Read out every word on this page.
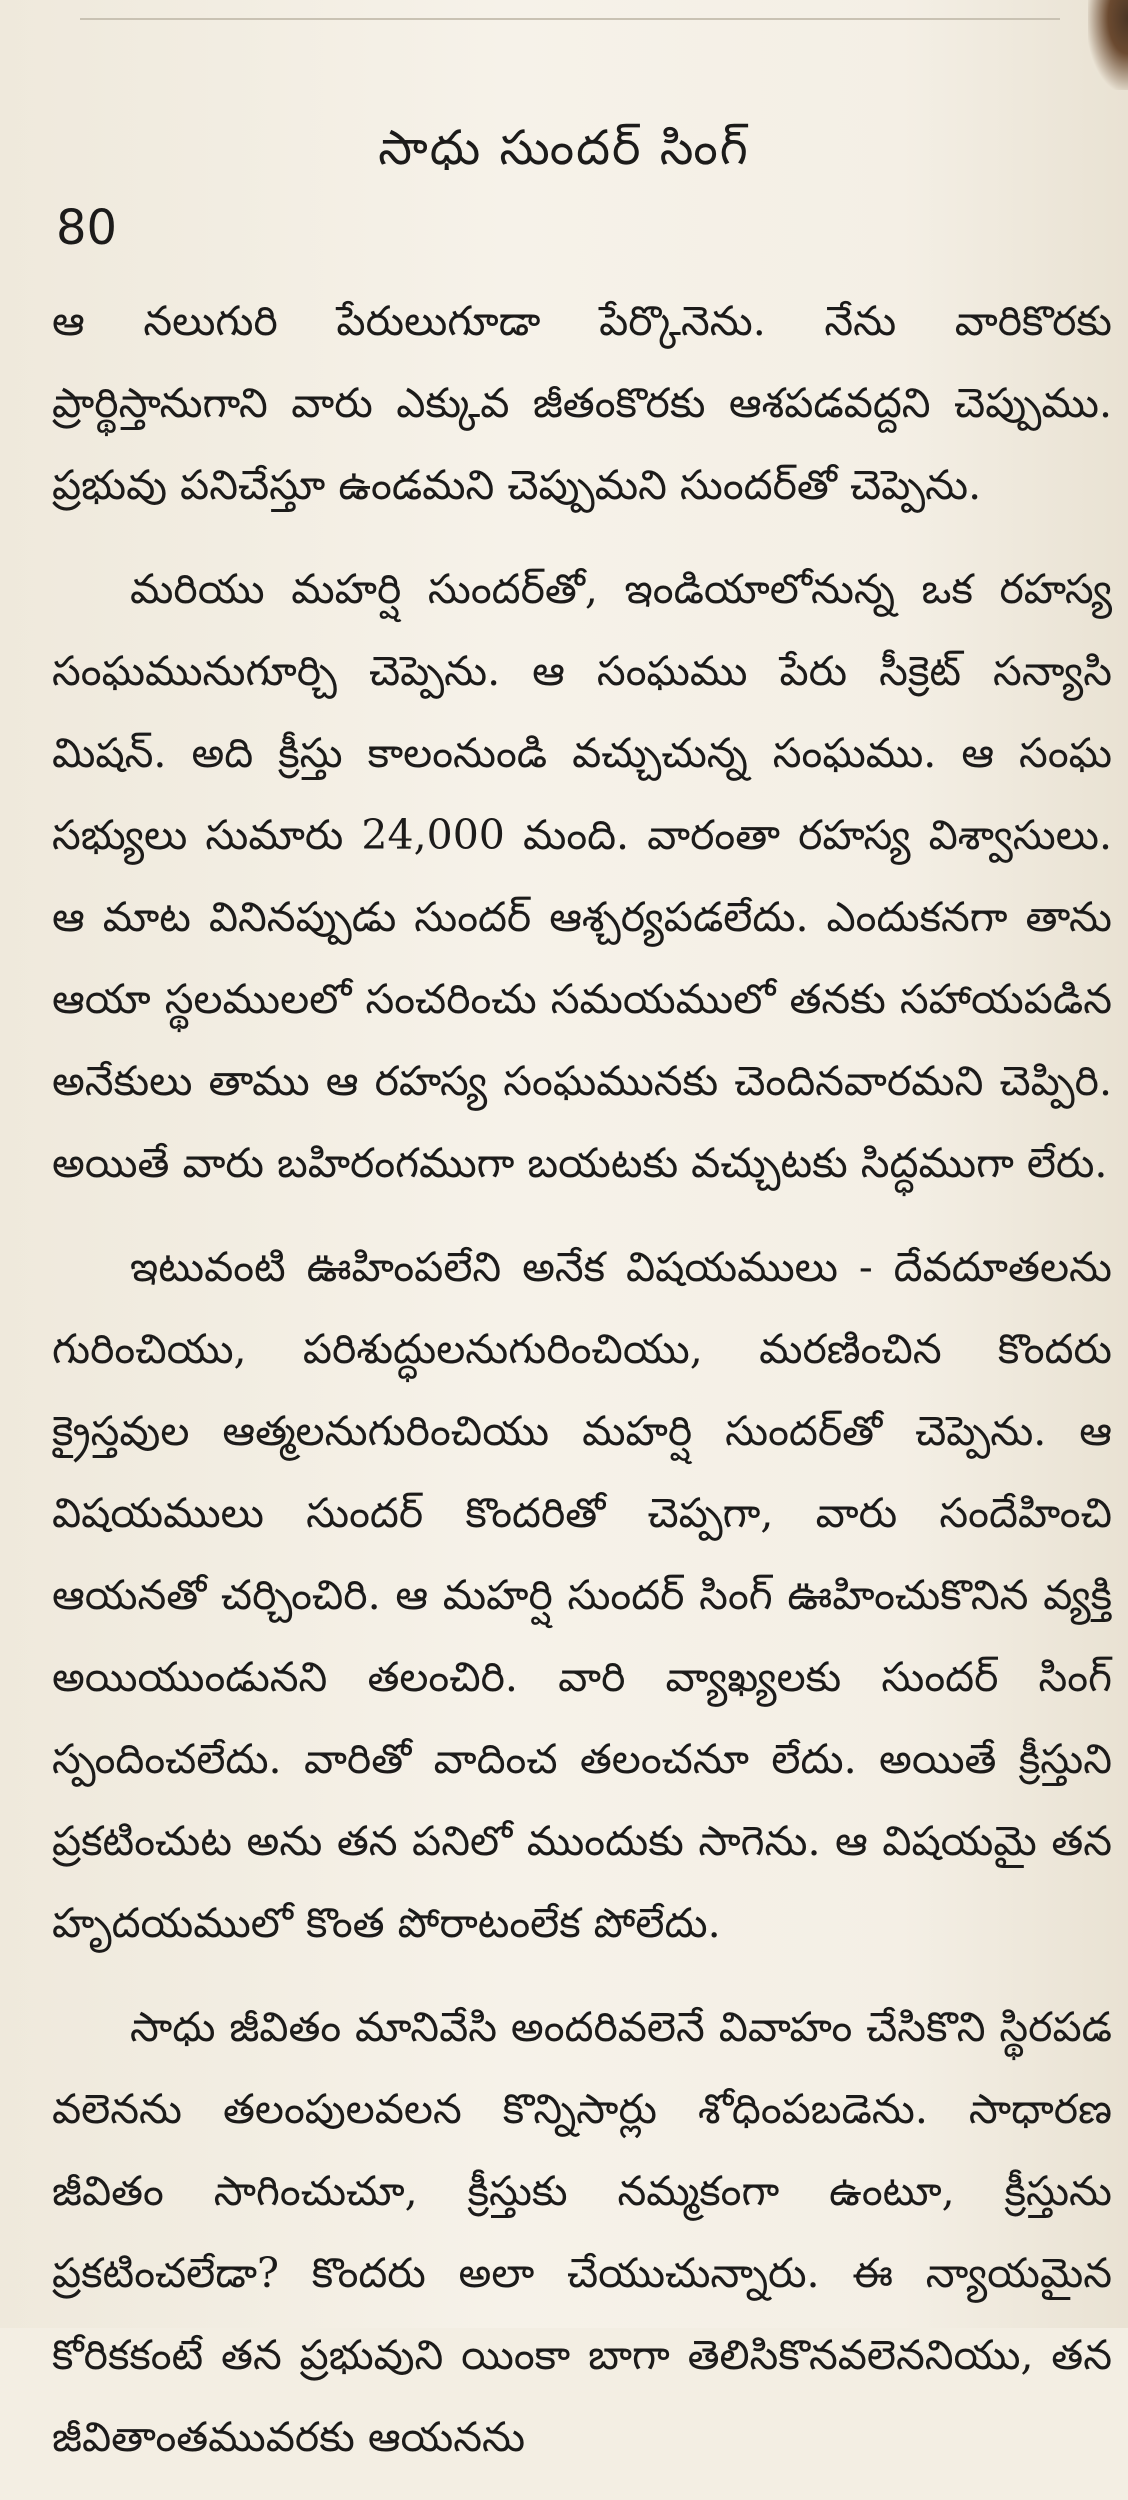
సాధు సుందర్ సింగ్
80

ఆ నలుగురి పేరులుగూడా పేర్కొనెను. నేను వారికొరకు ప్రార్థిస్తానుగాని వారు ఎక్కువ జీతంకొరకు ఆశపడవద్దని చెప్పుము. ప్రభువు పనిచేస్తూ ఉండమని చెప్పుమని సుందర్‌తో చెప్పెను.

మరియు మహర్షి సుందర్‌తో, ఇండియాలోనున్న ఒక రహస్య సంఘమునుగూర్చి చెప్పెను. ఆ సంఘము పేరు సీక్రెట్ సన్యాసి మిషన్. అది క్రీస్తు కాలంనుండి వచ్చుచున్న సంఘము. ఆ సంఘ సభ్యులు సుమారు 24,000 మంది. వారంతా రహస్య విశ్వాసులు. ఆ మాట వినినప్పుడు సుందర్ ఆశ్చర్యపడలేదు. ఎందుకనగా తాను ఆయా స్థలములలో సంచరించు సమయములో తనకు సహాయపడిన అనేకులు తాము ఆ రహస్య సంఘమునకు చెందినవారమని చెప్పిరి. అయితే వారు బహిరంగముగా బయటకు వచ్చుటకు సిద్ధముగా లేరు.

ఇటువంటి ఊహింపలేని అనేక విషయములు - దేవదూతలను గురించియు, పరిశుద్ధులనుగురించియు, మరణించిన కొందరు క్రైస్తవుల ఆత్మలనుగురించియు మహర్షి సుందర్‌తో చెప్పెను. ఆ విషయములు సుందర్ కొందరితో చెప్పగా, వారు సందేహించి ఆయనతో చర్చించిరి. ఆ మహర్షి సుందర్ సింగ్ ఊహించుకొనిన వ్యక్తి అయియుండునని తలంచిరి. వారి వ్యాఖ్యలకు సుందర్ సింగ్ స్పందించలేదు. వారితో వాదించ తలంచనూ లేదు. అయితే క్రీస్తుని ప్రకటించుట అను తన పనిలో ముందుకు సాగెను. ఆ విషయమై తన హృదయములో కొంత పోరాటంలేక పోలేదు.

సాధు జీవితం మానివేసి అందరివలెనే వివాహం చేసికొని స్థిరపడ వలెనను తలంపులవలన కొన్నిసార్లు శోధింపబడెను. సాధారణ జీవితం సాగించుచూ, క్రీస్తుకు నమ్మకంగా ఉంటూ, క్రీస్తును ప్రకటించలేడా? కొందరు అలా చేయుచున్నారు. ఈ న్యాయమైన కోరికకంటే తన ప్రభువుని యింకా బాగా తెలిసికొనవలెననియు, తన జీవితాంతమువరకు ఆయనను
